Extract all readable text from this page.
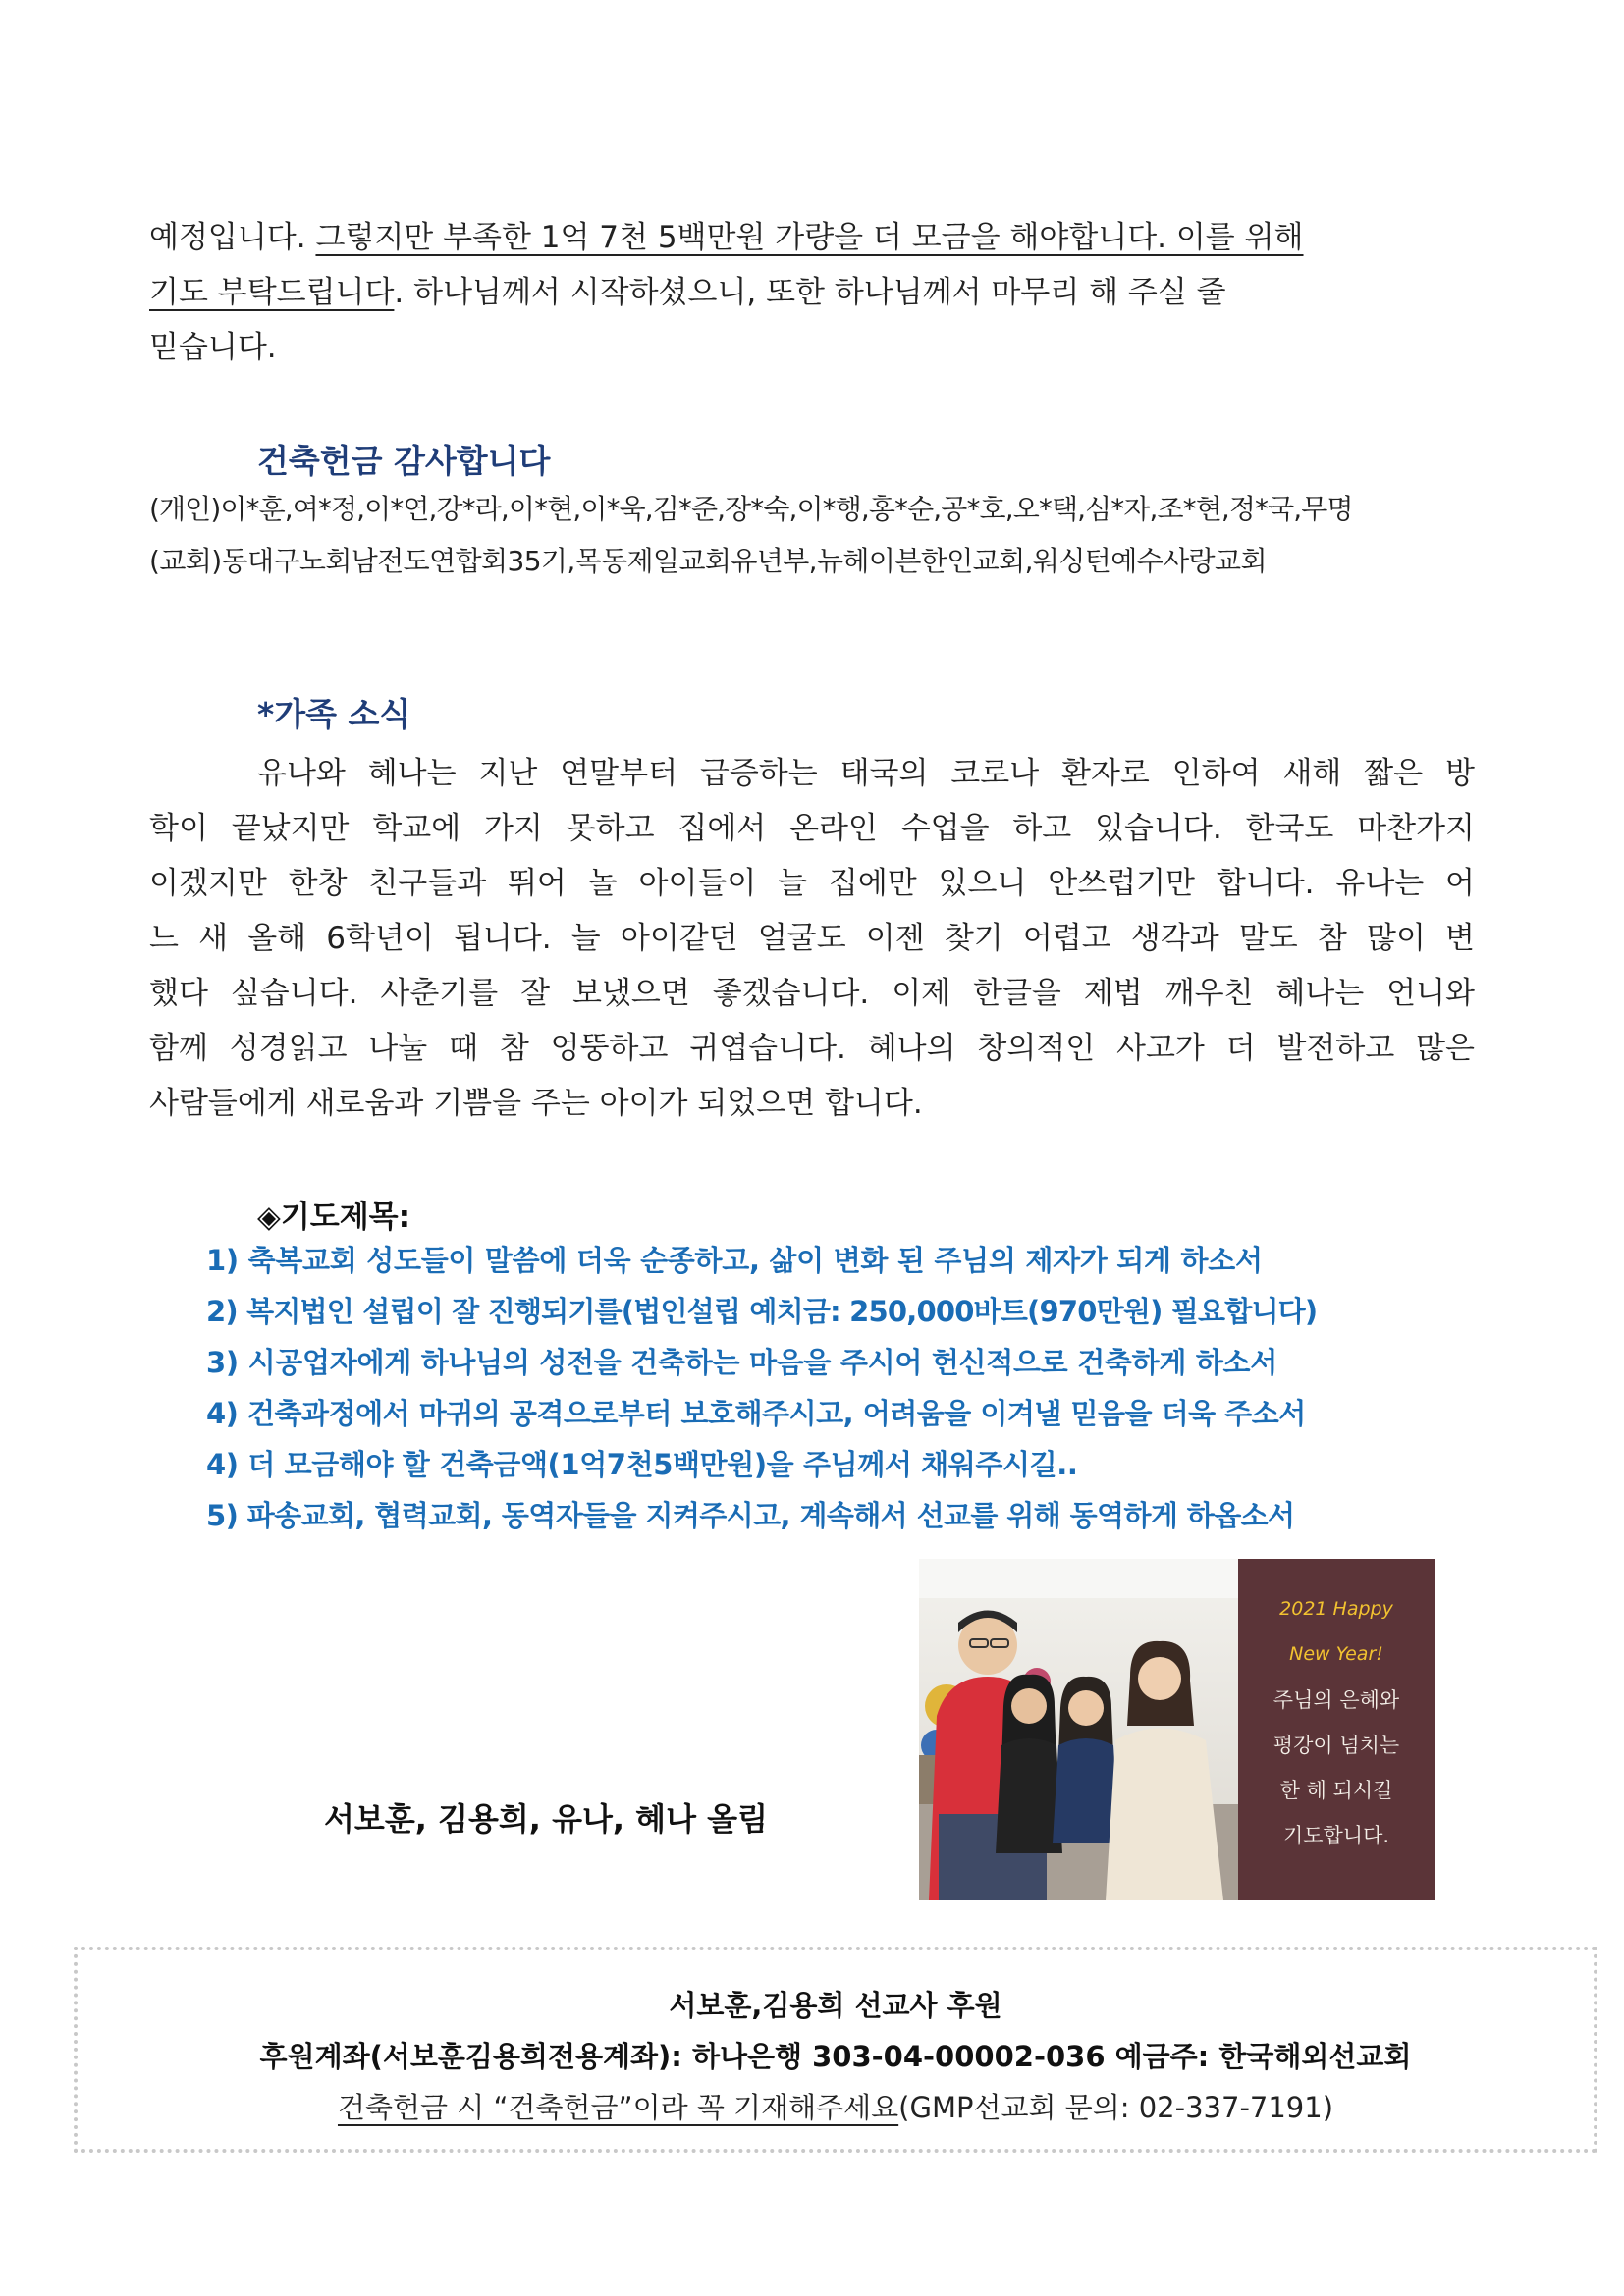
예정입니다. 그렇지만 부족한 1억 7천 5백만원 가량을 더 모금을 해야합니다. 이를 위해

기도 부탁드립니다. 하나님께서 시작하셨으니, 또한 하나님께서 마무리 해 주실 줄

믿습니다.

건축헌금 감사합니다
(개인)이*훈,여*정,이*연,강*라,이*현,이*욱,김*준,장*숙,이*행,홍*순,공*호,오*택,심*자,조*현,정*국,무명
(교회)동대구노회남전도연합회35기,목동제일교회유년부,뉴헤이븐한인교회,워싱턴예수사랑교회
*가족 소식

유나와 혜나는 지난 연말부터 급증하는 태국의 코로나 환자로 인하여 새해 짧은 방

학이 끝났지만 학교에 가지 못하고 집에서 온라인 수업을 하고 있습니다. 한국도 마찬가지

이겠지만 한창 친구들과 뛰어 놀 아이들이 늘 집에만 있으니 안쓰럽기만 합니다. 유나는 어

느 새 올해 6학년이 됩니다. 늘 아이같던 얼굴도 이젠 찾기 어렵고 생각과 말도 참 많이 변

했다 싶습니다. 사춘기를 잘 보냈으면 좋겠습니다. 이제 한글을 제법 깨우친 혜나는 언니와

함께 성경읽고 나눌 때 참 엉뚱하고 귀엽습니다. 혜나의 창의적인 사고가 더 발전하고 많은

사람들에게 새로움과 기쁨을 주는 아이가 되었으면 합니다.

◈기도제목:
1) 축복교회 성도들이 말씀에 더욱 순종하고, 삶이 변화 된 주님의 제자가 되게 하소서
2) 복지법인 설립이 잘 진행되기를(법인설립 예치금: 250,000바트(970만원) 필요합니다)
3) 시공업자에게 하나님의 성전을 건축하는 마음을 주시어 헌신적으로 건축하게 하소서
4) 건축과정에서 마귀의 공격으로부터 보호해주시고, 어려움을 이겨낼 믿음을 더욱 주소서
4) 더 모금해야 할 건축금액(1억7천5백만원)을 주님께서 채워주시길..
5) 파송교회, 협력교회, 동역자들을 지켜주시고, 계속해서 선교를 위해 동역하게 하옵소서
서보훈, 김용희, 유나, 혜나 올림
2021 Happy
New Year!
주님의 은혜와
평강이 넘치는
한 해 되시길
기도합니다.
서보훈,김용희 선교사 후원
후원계좌(서보훈김용희전용계좌): 하나은행 303-04-00002-036 예금주: 한국해외선교회
건축헌금 시 “건축헌금”이라 꼭 기재해주세요(GMP선교회 문의: 02-337-7191)
